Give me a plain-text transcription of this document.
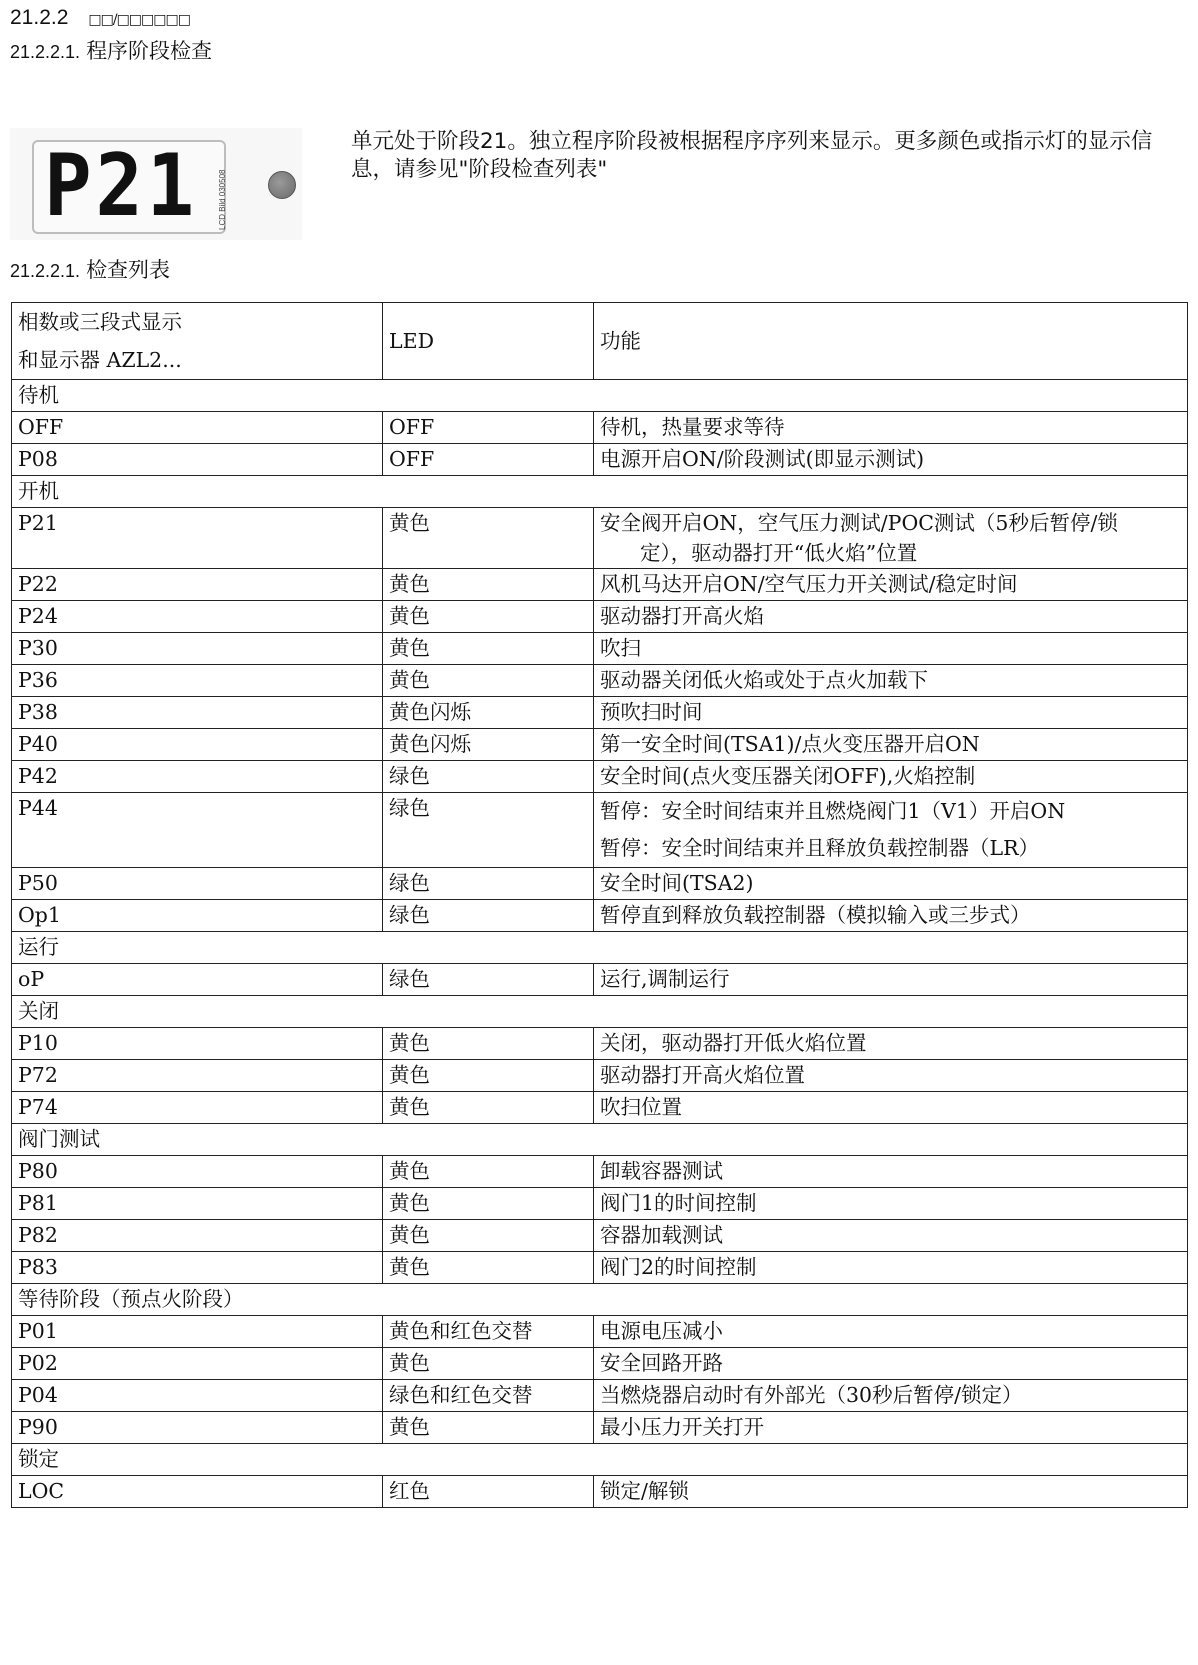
21.2.2 □□/□□□□□□
21.2.2.1. 程序阶段检查
P21	LCD Bild 030508
单元处于阶段21。独立程序阶段被根据程序序列来显示。更多颜色或指示灯的显示信息，请参见"阶段检查列表"
21.2.2.1. 检查列表
相数或三段式显示
和显示器 AZL2...	LED	功能
待机		
OFF	OFF	待机，热量要求等待

P08	OFF	电源开启ON/阶段测试(即显示测试)

开机		
P21	黄色	安全阀开启ON，空气压力测试/POC测试（5秒后暂停/锁
定），驱动器打开“低火焰”位置

P22	黄色	风机马达开启ON/空气压力开关测试/稳定时间

P24	黄色	驱动器打开高火焰

P30	黄色	吹扫

P36	黄色	驱动器关闭低火焰或处于点火加载下

P38	黄色闪烁	预吹扫时间

P40	黄色闪烁	第一安全时间(TSA1)/点火变压器开启ON

P42	绿色	安全时间(点火变压器关闭OFF),火焰控制

P44	绿色	暂停：安全时间结束并且燃烧阀门1（V1）开启ON
暂停：安全时间结束并且释放负载控制器（LR）

P50	绿色	安全时间(TSA2)

Op1	绿色	暂停直到释放负载控制器（模拟输入或三步式）

运行		
oP	绿色	运行,调制运行

关闭		
P10	黄色	关闭，驱动器打开低火焰位置

P72	黄色	驱动器打开高火焰位置

P74	黄色	吹扫位置

阀门测试		
P80	黄色	卸载容器测试

P81	黄色	阀门1的时间控制

P82	黄色	容器加载测试

P83	黄色	阀门2的时间控制

等待阶段（预点火阶段）		
P01	黄色和红色交替	电源电压减小

P02	黄色	安全回路开路

P04	绿色和红色交替	当燃烧器启动时有外部光（30秒后暂停/锁定）

P90	黄色	最小压力开关打开

锁定		
LOC	红色	锁定/解锁
